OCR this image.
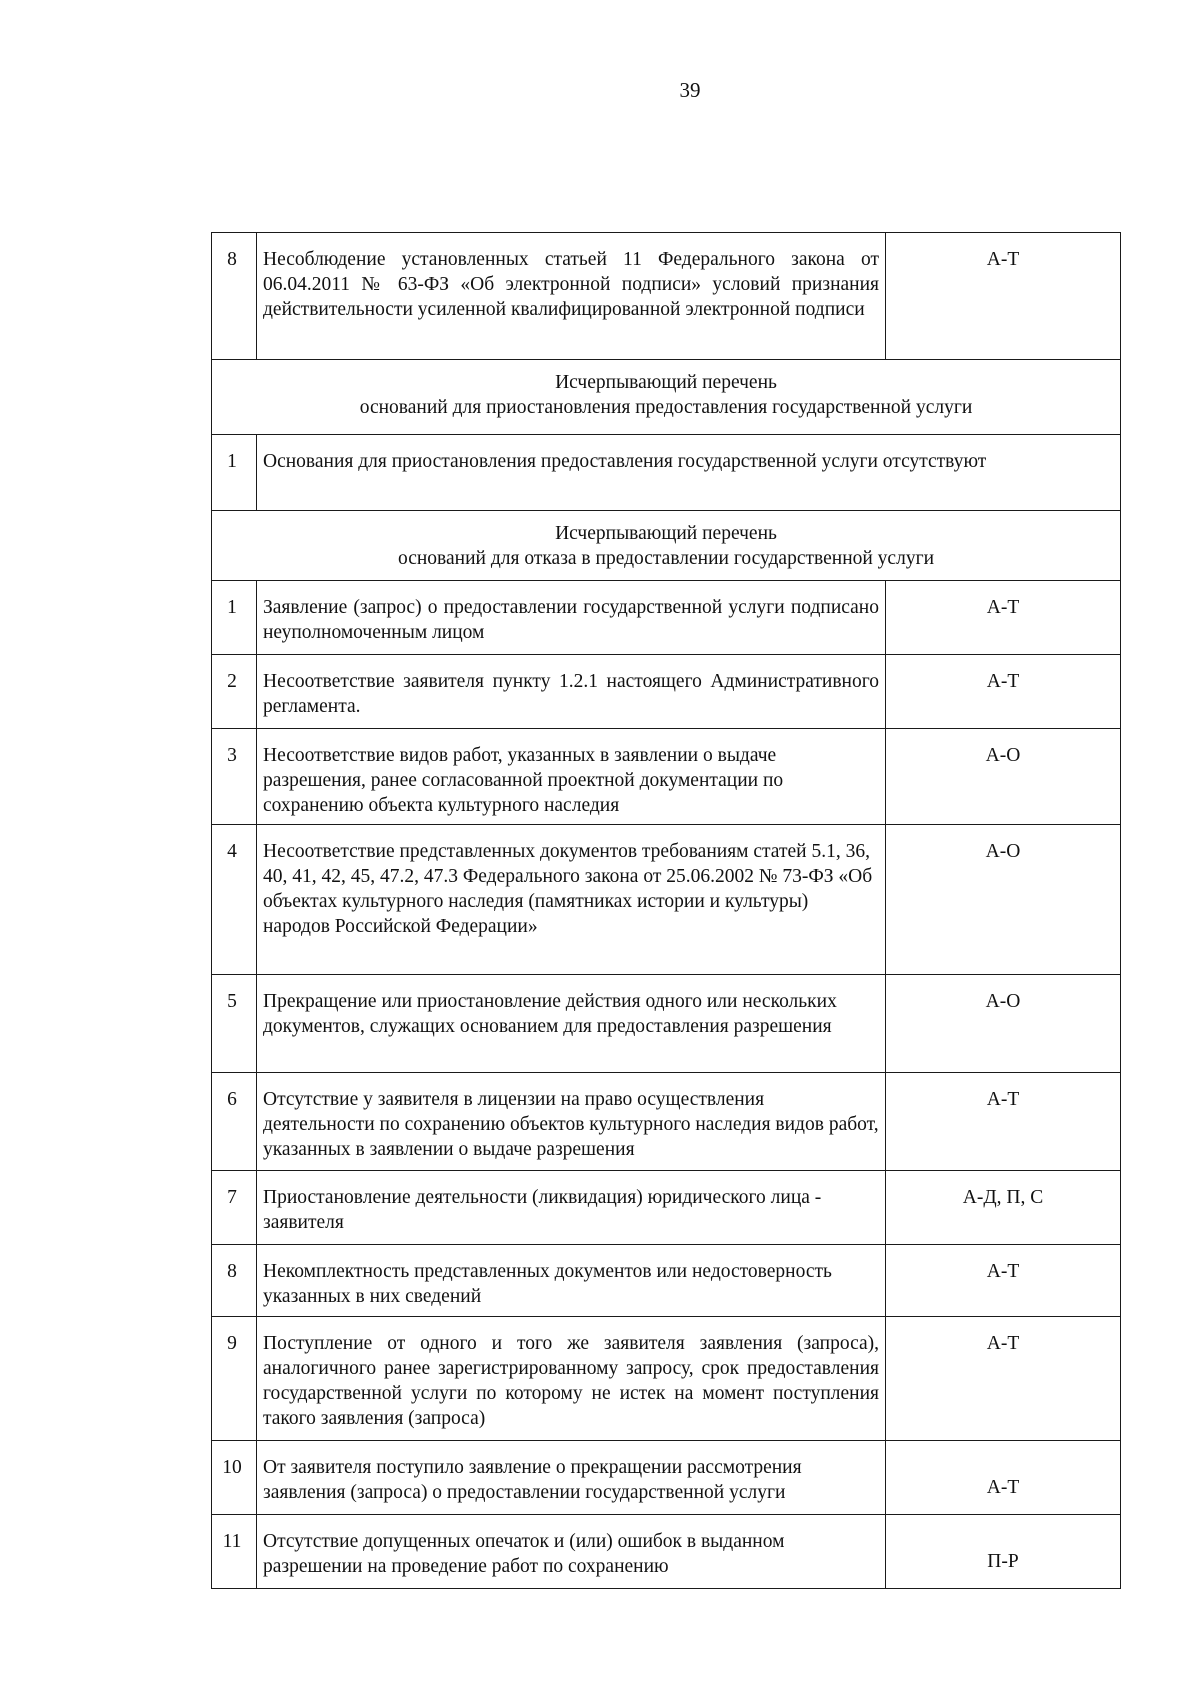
39
8	Несоблюдение установленных статьей 11 Федерального закона от 06.04.2011 № 63-ФЗ «Об электронной подписи» условий признания действительности усиленной квалифицированной электронной подписи	А-Т

Исчерпывающий перечень
оснований для приостановления предоставления государственной услуги		

1	Основания для приостановления предоставления государственной услуги отсутствуют	

Исчерпывающий перечень
оснований для отказа в предоставлении государственной услуги		

1	Заявление (запрос) о предоставлении государственной услуги подписано неуполномоченным лицом	А-Т
2	Несоответствие заявителя пункту 1.2.1 настоящего Административного регламента.	А-Т
3	Несоответствие видов работ, указанных в заявлении о выдаче разрешения, ранее согласованной проектной документации по сохранению объекта культурного наследия	А-О
4	Несоответствие представленных документов требованиям статей 5.1, 36, 40, 41, 42, 45, 47.2, 47.3 Федерального закона от 25.06.2002 № 73-ФЗ «Об объектах культурного наследия (памятниках истории и культуры) народов Российской Федерации»	А-О
5	Прекращение или приостановление действия одного или нескольких документов, служащих основанием для предоставления разрешения	А-О
6	Отсутствие у заявителя в лицензии на право осуществления деятельности по сохранению объектов культурного наследия видов работ, указанных в заявлении о выдаче разрешения	А-Т
7	Приостановление деятельности (ликвидация) юридического лица - заявителя	А-Д, П, С
8	Некомплектность представленных документов или недостоверность указанных в них сведений	А-Т
9	Поступление от одного и того же заявителя заявления (запроса), аналогичного ранее зарегистрированному запросу, срок предоставления государственной услуги по которому не истек на момент поступления такого заявления (запроса)	А-Т
10	От заявителя поступило заявление о прекращении рассмотрения заявления (запроса) о предоставлении государственной услуги	А-Т
11	Отсутствие допущенных опечаток и (или) ошибок в выданном разрешении на проведение работ по сохранению	П-Р
